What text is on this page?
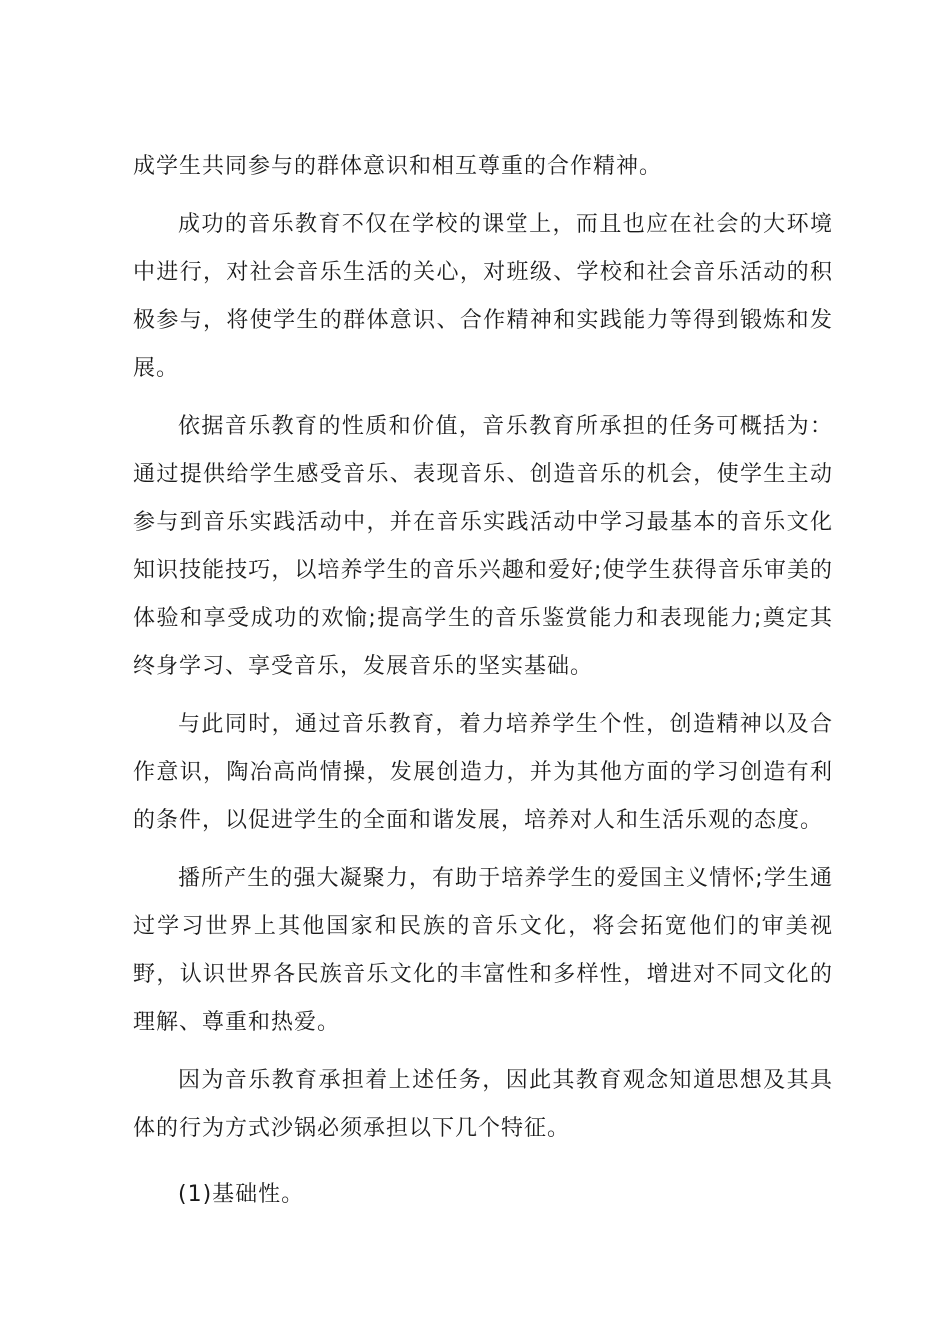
成学生共同参与的群体意识和相互尊重的合作精神。

成功的音乐教育不仅在学校的课堂上，而且也应在社会的大环境中进行，对社会音乐生活的关心，对班级、学校和社会音乐活动的积极参与，将使学生的群体意识、合作精神和实践能力等得到锻炼和发展。

依据音乐教育的性质和价值，音乐教育所承担的任务可概括为：通过提供给学生感受音乐、表现音乐、创造音乐的机会，使学生主动参与到音乐实践活动中，并在音乐实践活动中学习最基本的音乐文化知识技能技巧，以培养学生的音乐兴趣和爱好;使学生获得音乐审美的体验和享受成功的欢愉;提高学生的音乐鉴赏能力和表现能力;奠定其终身学习、享受音乐，发展音乐的坚实基础。

与此同时，通过音乐教育，着力培养学生个性，创造精神以及合作意识，陶冶高尚情操，发展创造力，并为其他方面的学习创造有利的条件，以促进学生的全面和谐发展，培养对人和生活乐观的态度。

播所产生的强大凝聚力，有助于培养学生的爱国主义情怀;学生通过学习世界上其他国家和民族的音乐文化，将会拓宽他们的审美视野，认识世界各民族音乐文化的丰富性和多样性，增进对不同文化的理解、尊重和热爱。

因为音乐教育承担着上述任务，因此其教育观念知道思想及其具体的行为方式沙锅必须承担以下几个特征。

(1)基础性。
